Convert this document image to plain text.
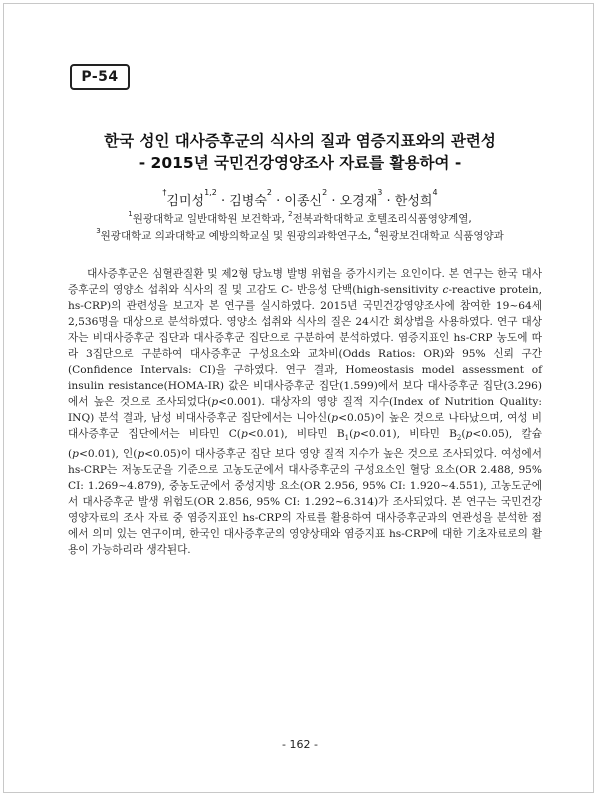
P-54
한국 성인 대사증후군의 식사의 질과 염증지표와의 관련성
- 2015년 국민건강영양조사 자료를 활용하여 -
†김미성$^{1,2}$ · 김병숙$^2$ · 이종신$^2$ · 오경재$^3$ · 한성희$^4$
$^1$원광대학교 일반대학원 보건학과, $^2$전북과학대학교 호텔조리식품영양계열,
$^3$원광대학교 의과대학교 예방의학교실 및 원광의과학연구소, $^4$원광보건대학교 식품영양과

대사증후군은 심혈관질환 및 제2형 당뇨병 발병 위험을 증가시키는 요인이다. 본 연구는 한국 대사증후군의 영양소 섭취와 식사의 질 및 고감도 C- 반응성 단백(high-sensitivity c-reactive protein, hs-CRP)의 관련성을 보고자 본 연구를 실시하였다. 2015년 국민건강영양조사에 참여한 19~64세 2,536명을 대상으로 분석하였다. 영양소 섭취와 식사의 질은 24시간 회상법을 사용하였다. 연구 대상자는 비대사증후군 집단과 대사증후군 집단으로 구분하여 분석하였다. 염증지표인 hs-CRP 농도에 따라 3집단으로 구분하여 대사증후군 구성요소와 교차비(Odds Ratios: OR)와 95% 신뢰 구간(Confidence Intervals: CI)을 구하였다. 연구 결과, Homeostasis model assessment of insulin resistance(HOMA-IR) 값은 비대사증후군 집단(1.599)에서 보다 대사증후군 집단(3.296)에서 높은 것으로 조사되었다(p<0.001). 대상자의 영양 질적 지수(Index of Nutrition Quality: INQ) 분석 결과, 남성 비대사증후군 집단에서는 니아신(p<0.05)이 높은 것으로 나타났으며, 여성 비대사증후군 집단에서는 비타민 C(p<0.01), 비타민 $B_1(p<0.01)$, 비타민 $B_2(p<0.05)$, 칼슘(p<0.01), 인(p<0.05)이 대사증후군 집단 보다 영양 질적 지수가 높은 것으로 조사되었다. 여성에서 hs-CRP는 저농도군을 기준으로 고농도군에서 대사증후군의 구성요소인 혈당 요소(OR 2.488, 95% CI: 1.269~4.879), 중농도군에서 중성지방 요소(OR 2.956, 95% CI: 1.920~4.551), 고농도군에서 대사증후군 발생 위험도(OR 2.856, 95% CI: 1.292~6.314)가 조사되었다. 본 연구는 국민건강영양자료의 조사 자료 중 염증지표인 hs-CRP의 자료를 활용하여 대사증후군과의 연관성을 분석한 점에서 의미 있는 연구이며, 한국인 대사증후군의 영양상태와 염증지표 hs-CRP에 대한 기초자료로의 활용이 가능하리라 생각된다.

- 162 -
